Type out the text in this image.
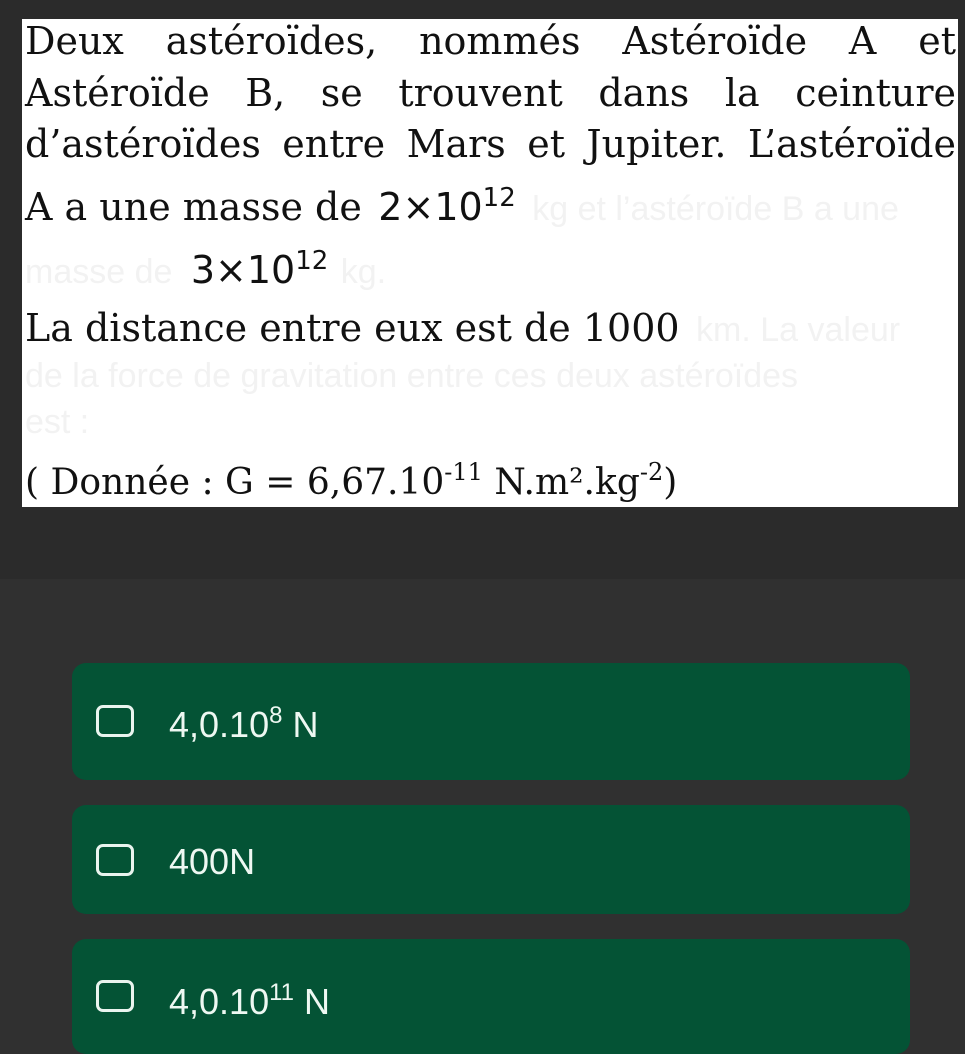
Deux astéroïdes, nommés Astéroïde A et
Astéroïde B, se trouvent dans la ceinture
d’astéroïdes entre Mars et Jupiter. L’astéroïde
A a une masse de $2\times 10^{12}$ kg et l’astéroïde B a une
masse de $3\times 10^{12}$ kg.
La distance entre eux est de 1000 km. La valeur
de la force de gravitation entre ces deux astéroïdes
est :
( Donnée : $G = 6,67.10^{-11}$ $N.m^2.kg^{-2}$)
4,0.10$^8$ N
400N
4,0.10$^{11}$ N
